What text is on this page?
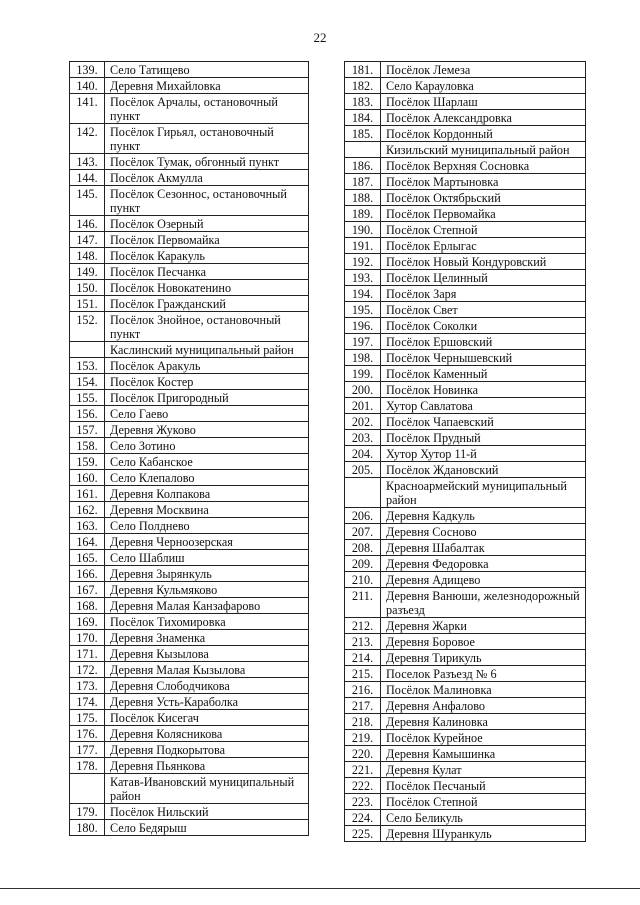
22
139.	Село Татищево
140.	Деревня Михайловка
141.	Посёлок Арчалы, остановочный пункт
142.	Посёлок Гирьял, остановочный пункт
143.	Посёлок Тумак, обгонный пункт
144.	Посёлок Акмулла
145.	Посёлок Сезоннос, остановочный пункт
146.	Посёлок Озерный
147.	Посёлок Первомайка
148.	Посёлок Каракуль
149.	Посёлок Песчанка
150.	Посёлок Новокатенино
151.	Посёлок Гражданский
152.	Посёлок Знойное, остановочный пункт
	Каслинский муниципальный район
153.	Посёлок Аракуль
154.	Посёлок Костер
155.	Посёлок Пригородный
156.	Село Гаево
157.	Деревня Жуково
158.	Село Зотино
159.	Село Кабанское
160.	Село Клепалово
161.	Деревня Колпакова
162.	Деревня Москвина
163.	Село Полднево
164.	Деревня Черноозерская
165.	Село Шаблиш
166.	Деревня Зырянкуль
167.	Деревня Кульмяково
168.	Деревня Малая Канзафарово
169.	Посёлок Тихомировка
170.	Деревня Знаменка
171.	Деревня Кызылова
172.	Деревня Малая Кызылова
173.	Деревня Слободчикова
174.	Деревня Усть-Караболка
175.	Посёлок Кисегач
176.	Деревня Колясникова
177.	Деревня Подкорытова
178.	Деревня Пьянкова
	Катав-Ивановский муниципальный район
179.	Посёлок Нильский
180.	Село Бедярыш
181.	Посёлок Лемеза
182.	Село Карауловка
183.	Посёлок Шарлаш
184.	Посёлок Александровка
185.	Посёлок Кордонный
	Кизильский муниципальный район
186.	Посёлок Верхняя Сосновка
187.	Посёлок Мартыновка
188.	Посёлок Октябрьский
189.	Посёлок Первомайка
190.	Посёлок Степной
191.	Посёлок Ерлыгас
192.	Посёлок Новый Кондуровский
193.	Посёлок Целинный
194.	Посёлок Заря
195.	Посёлок Свет
196.	Посёлок Соколки
197.	Посёлок Ершовский
198.	Посёлок Чернышевский
199.	Посёлок Каменный
200.	Посёлок Новинка
201.	Хутор Савлатова
202.	Посёлок Чапаевский
203.	Посёлок Прудный
204.	Хутор Хутор 11-й
205.	Посёлок Ждановский
	Красноармейский муниципальный район
206.	Деревня Кадкуль
207.	Деревня Сосново
208.	Деревня Шабалтак
209.	Деревня Федоровка
210.	Деревня Адищево
211.	Деревня Ванюши, железнодорожный разъезд
212.	Деревня Жарки
213.	Деревня Боровое
214.	Деревня Тирикуль
215.	Поселок Разъезд № 6
216.	Посёлок Малиновка
217.	Деревня Анфалово
218.	Деревня Калиновка
219.	Посёлок Курейное
220.	Деревня Камышинка
221.	Деревня Кулат
222.	Посёлок Песчаный
223.	Посёлок Степной
224.	Село Беликуль
225.	Деревня Шуранкуль
